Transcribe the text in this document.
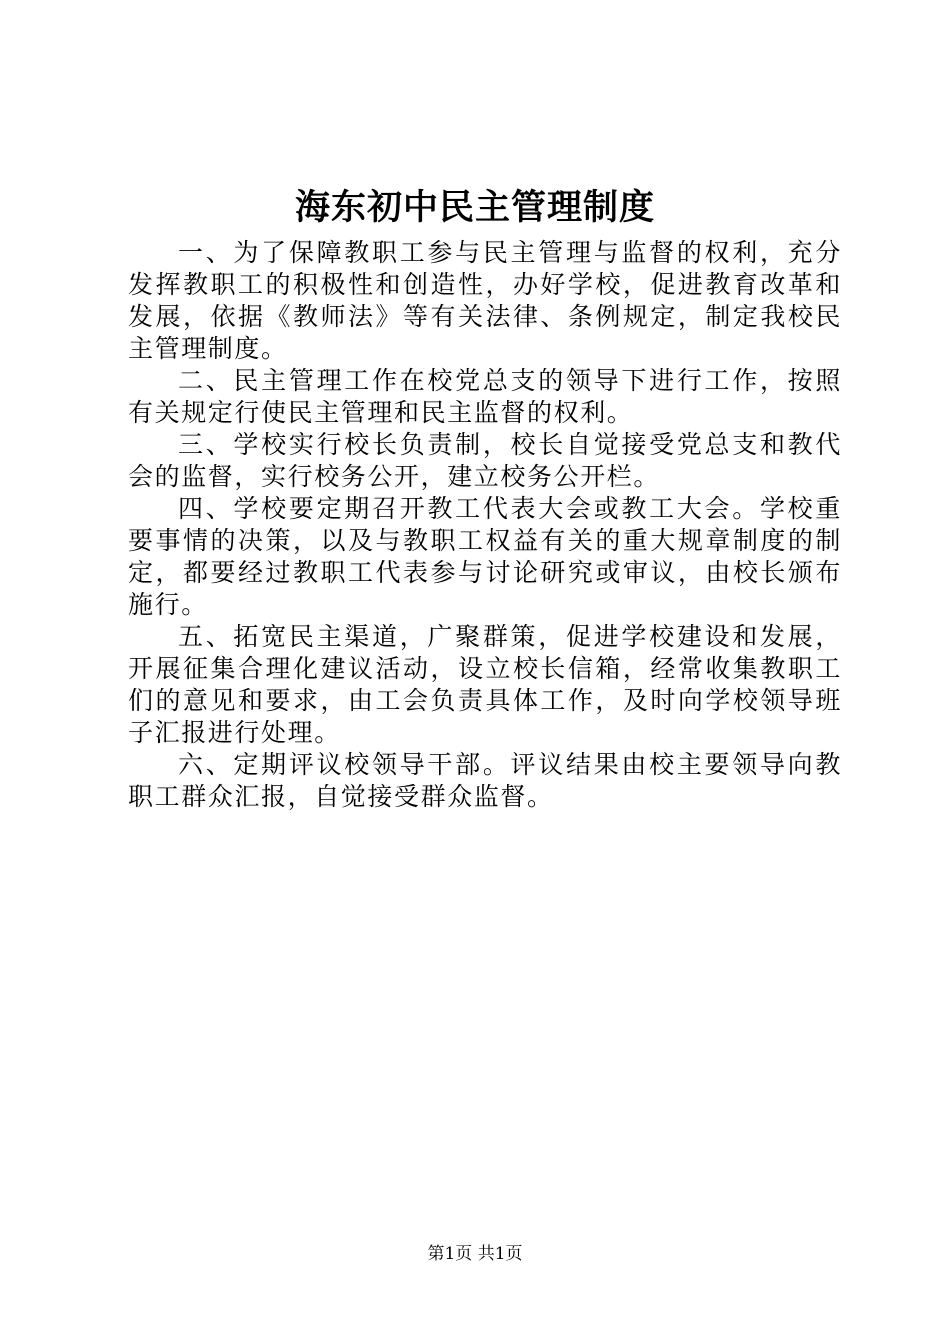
海东初中民主管理制度

一、为了保障教职工参与民主管理与监督的权利，充分发挥教职工的积极性和创造性，办好学校，促进教育改革和发展，依据《教师法》等有关法律、条例规定，制定我校民主管理制度。

二、民主管理工作在校党总支的领导下进行工作，按照有关规定行使民主管理和民主监督的权利。

三、学校实行校长负责制，校长自觉接受党总支和教代会的监督，实行校务公开，建立校务公开栏。

四、学校要定期召开教工代表大会或教工大会。学校重要事情的决策，以及与教职工权益有关的重大规章制度的制定，都要经过教职工代表参与讨论研究或审议，由校长颁布施行。

五、拓宽民主渠道，广聚群策，促进学校建设和发展，开展征集合理化建议活动，设立校长信箱，经常收集教职工们的意见和要求，由工会负责具体工作，及时向学校领导班子汇报进行处理。

六、定期评议校领导干部。评议结果由校主要领导向教职工群众汇报，自觉接受群众监督。

第1页 共1页
